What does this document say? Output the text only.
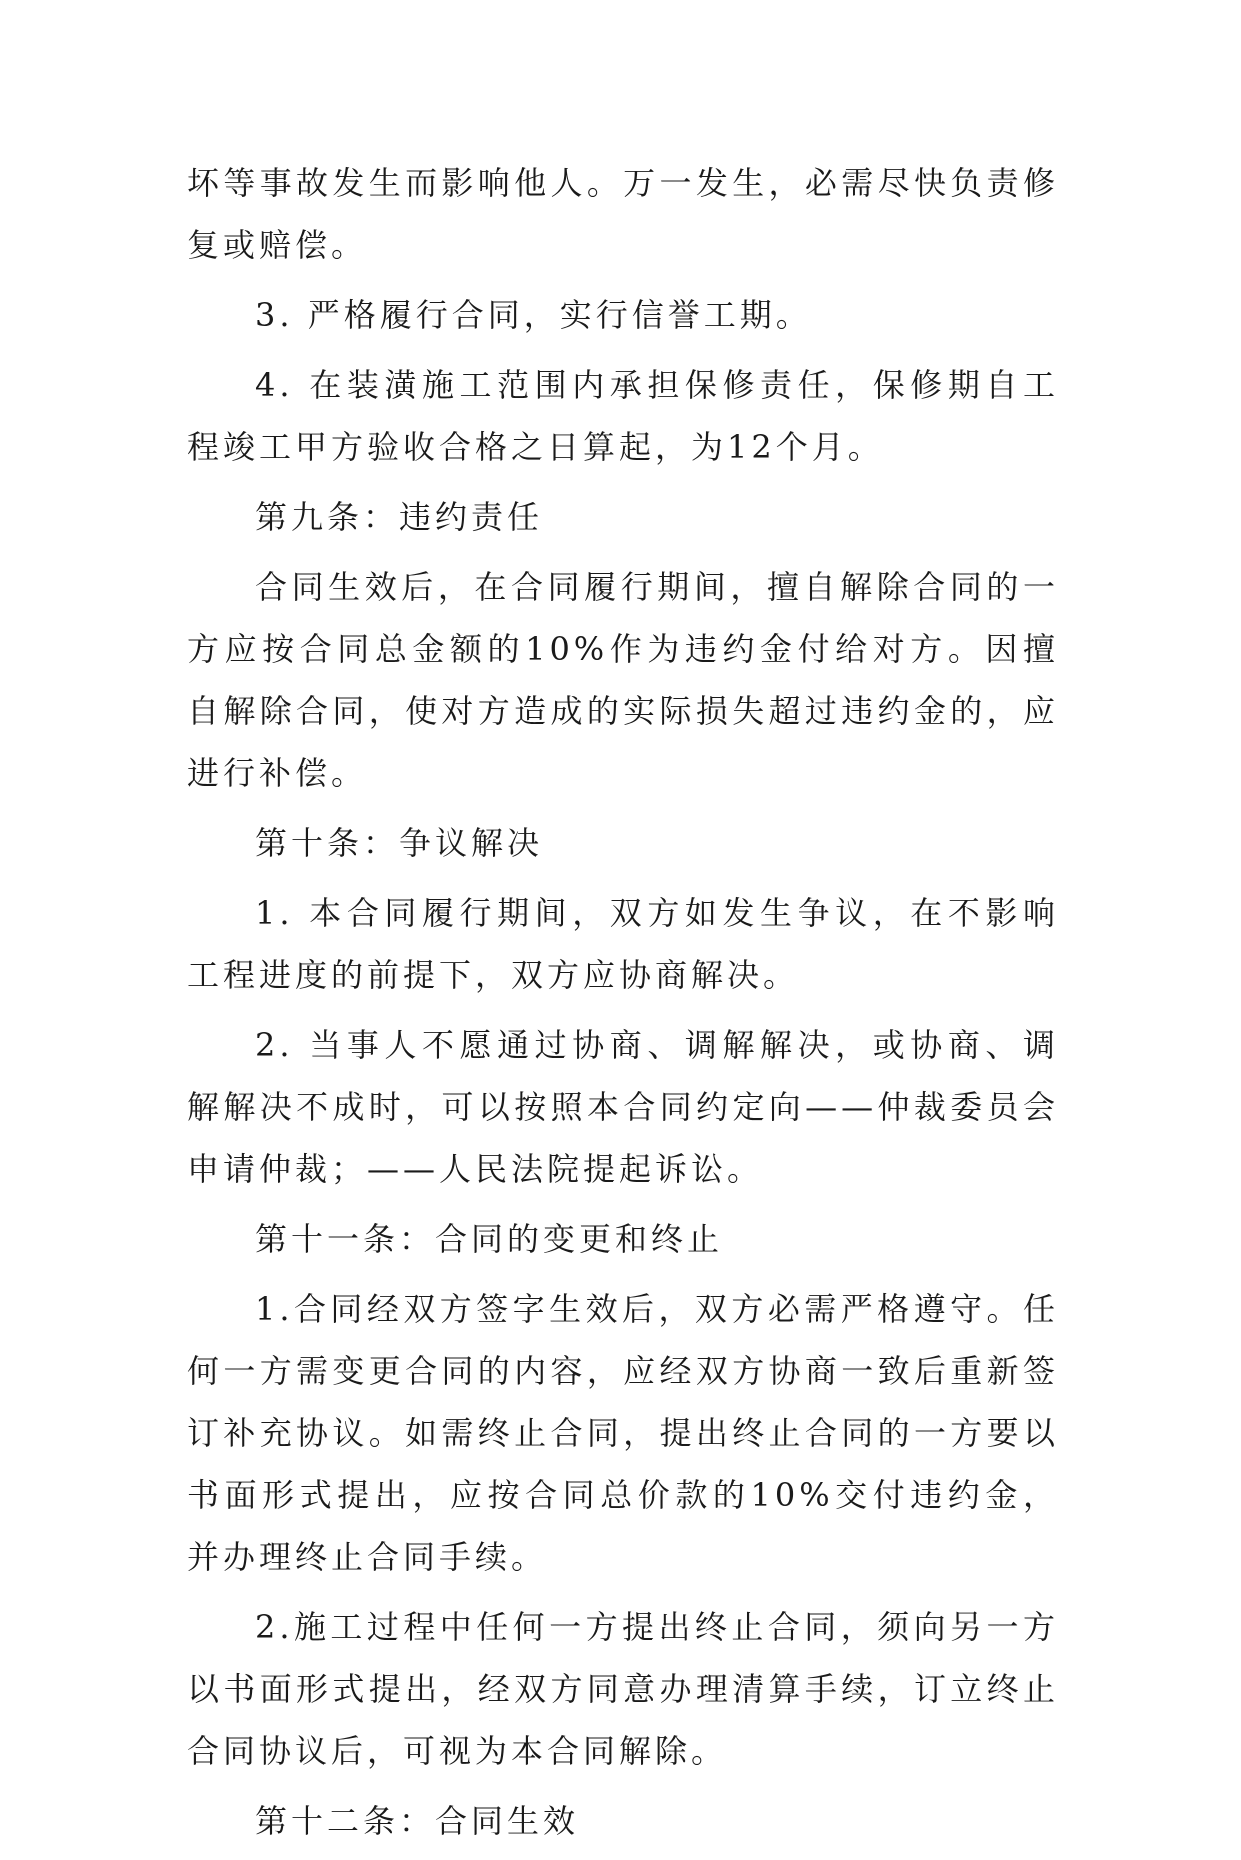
坏等事故发生而影响他人。万一发生，必需尽快负责修复或赔偿。

3. 严格履行合同，实行信誉工期。

4. 在装潢施工范围内承担保修责任，保修期自工程竣工甲方验收合格之日算起，为12个月。

第九条：违约责任

合同生效后，在合同履行期间，擅自解除合同的一方应按合同总金额的10%作为违约金付给对方。因擅自解除合同，使对方造成的实际损失超过违约金的，应进行补偿。

第十条：争议解决

1. 本合同履行期间，双方如发生争议，在不影响工程进度的前提下，双方应协商解决。

2. 当事人不愿通过协商、调解解决，或协商、调解解决不成时，可以按照本合同约定向——仲裁委员会申请仲裁；——人民法院提起诉讼。

第十一条：合同的变更和终止

1.合同经双方签字生效后，双方必需严格遵守。任何一方需变更合同的内容，应经双方协商一致后重新签订补充协议。如需终止合同，提出终止合同的一方要以书面形式提出，应按合同总价款的10%交付违约金，并办理终止合同手续。

2.施工过程中任何一方提出终止合同，须向另一方以书面形式提出，经双方同意办理清算手续，订立终止合同协议后，可视为本合同解除。

第十二条：合同生效
